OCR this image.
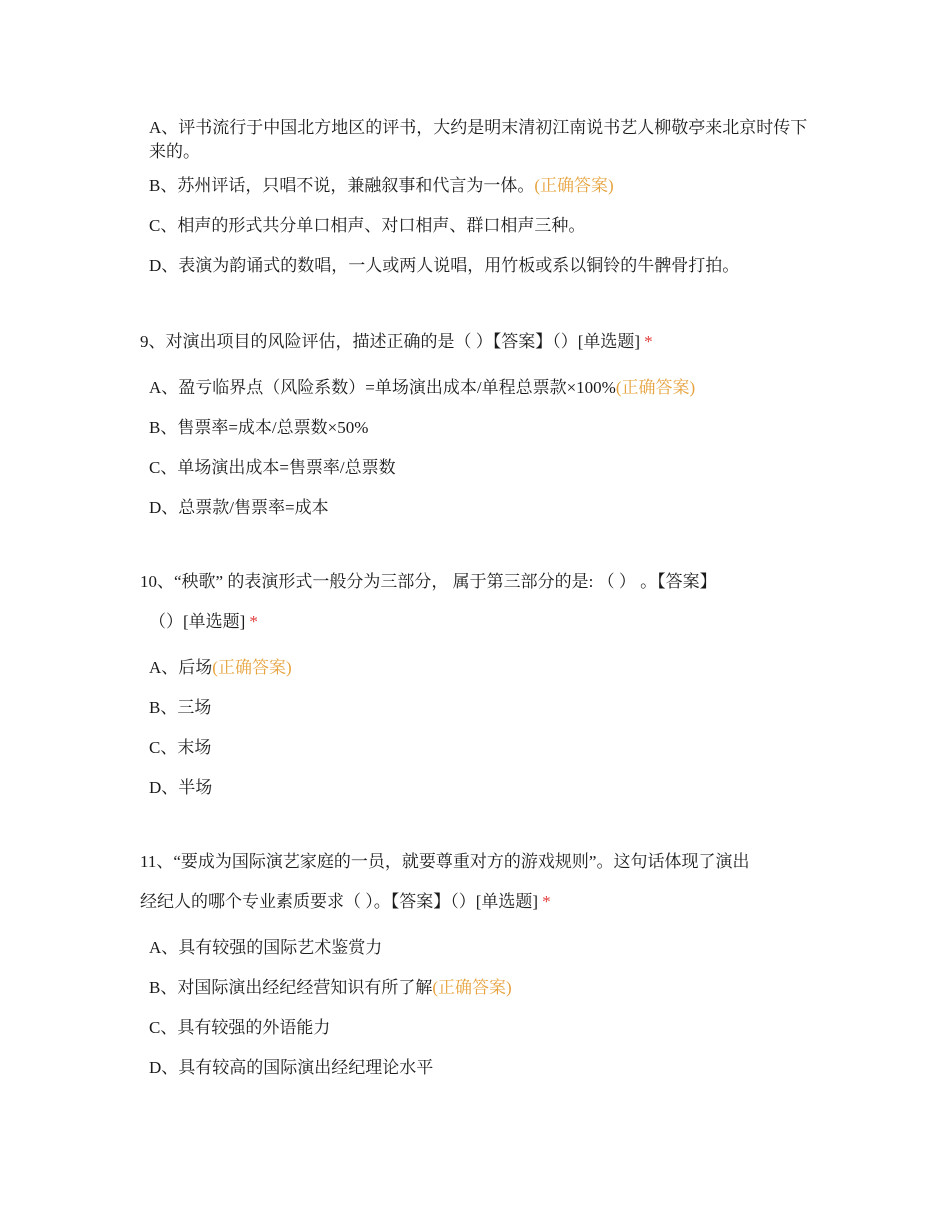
A、评书流行于中国北方地区的评书，大约是明末清初江南说书艺人柳敬亭来北京时传下来的。
B、苏州评话，只唱不说，兼融叙事和代言为一体。(正确答案)
C、相声的形式共分单口相声、对口相声、群口相声三种。
D、表演为韵诵式的数唱，一人或两人说唱，用竹板或系以铜铃的牛髀骨打拍。
9、对演出项目的风险评估，描述正确的是（ ）【答案】（）[单选题] *
A、盈亏临界点（风险系数）=单场演出成本/单程总票款×100%(正确答案)
B、售票率=成本/总票数×50%
C、单场演出成本=售票率/总票数
D、总票款/售票率=成本
10、“秧歌” 的表演形式一般分为三部分， 属于第三部分的是: （ ） 。【答案】
（）[单选题] *
A、后场(正确答案)
B、三场
C、末场
D、半场
11、“要成为国际演艺家庭的一员，就要尊重对方的游戏规则”。这句话体现了演出
经纪人的哪个专业素质要求（ ）。【答案】（）[单选题] *
A、具有较强的国际艺术鉴赏力
B、对国际演出经纪经营知识有所了解(正确答案)
C、具有较强的外语能力
D、具有较高的国际演出经纪理论水平
